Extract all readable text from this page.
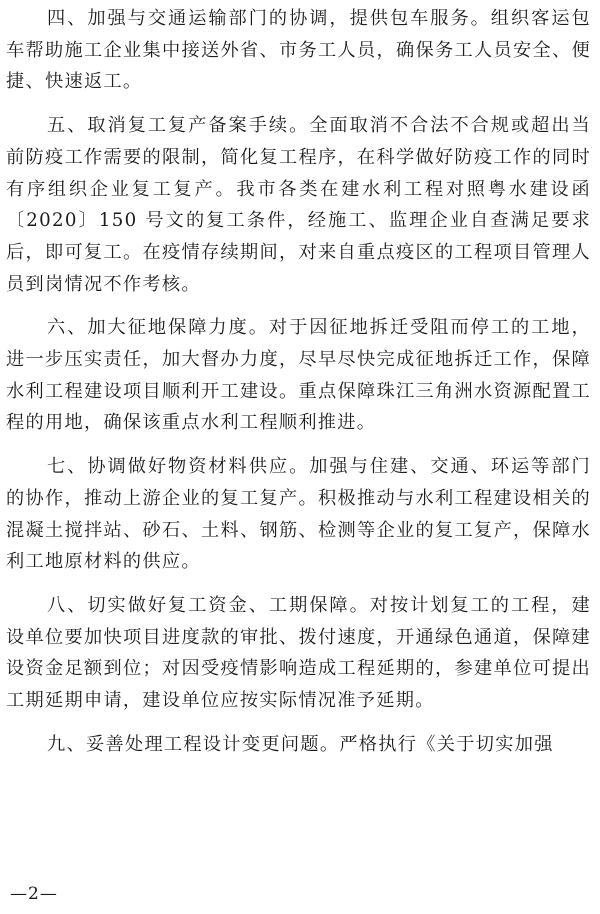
四、加强与交通运输部门的协调，提供包车服务。组织客运包车帮助施工企业集中接送外省、市务工人员，确保务工人员安全、便捷、快速返工。

五、取消复工复产备案手续。全面取消不合法不合规或超出当前防疫工作需要的限制，简化复工程序，在科学做好防疫工作的同时有序组织企业复工复产。我市各类在建水利工程对照粤水建设函〔2020〕150 号文的复工条件，经施工、监理企业自查满足要求后，即可复工。在疫情存续期间，对来自重点疫区的工程项目管理人员到岗情况不作考核。

六、加大征地保障力度。对于因征地拆迁受阻而停工的工地，进一步压实责任，加大督办力度，尽早尽快完成征地拆迁工作，保障水利工程建设项目顺利开工建设。重点保障珠江三角洲水资源配置工程的用地，确保该重点水利工程顺利推进。

七、协调做好物资材料供应。加强与住建、交通、环运等部门的协作，推动上游企业的复工复产。积极推动与水利工程建设相关的混凝土搅拌站、砂石、土料、钢筋、检测等企业的复工复产，保障水利工地原材料的供应。

八、切实做好复工资金、工期保障。对按计划复工的工程，建设单位要加快项目进度款的审批、拨付速度，开通绿色通道，保障建设资金足额到位；对因受疫情影响造成工程延期的，参建单位可提出工期延期申请，建设单位应按实际情况准予延期。

九、妥善处理工程设计变更问题。严格执行《关于切实加强

—2—
